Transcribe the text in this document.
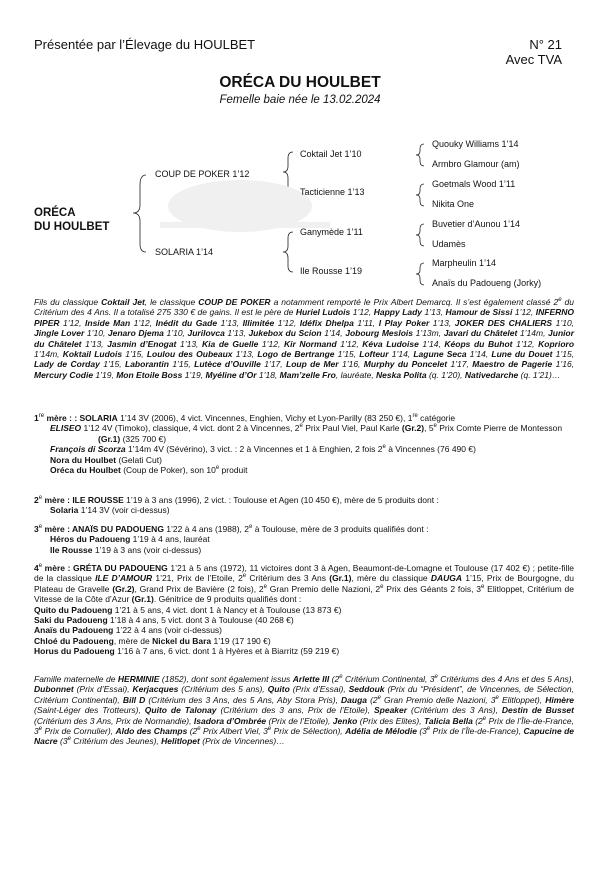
Présentée par l’Élevage du HOULBET	N° 21
Avec TVA
ORÉCA DU HOULBET
Femelle baie née le 13.02.2024
ORÉCA
DU HOULBET
COUP DE POKER 1’12
SOLARIA 1’14
Coktail Jet 1’10
Tacticienne 1’13
Ganymède 1’11
Ile Rousse 1’19
Quouky Williams 1’14
Armbro Glamour (am)
Goetmals Wood 1’11
Nikita One
Buvetier d’Aunou 1’14
Udamès
Marpheulin 1’14
Anaïs du Padoueng (Jorky)
Fils du classique Coktail Jet, le classique COUP DE POKER a notamment remporté le Prix Albert Demarcq. Il s’est également classé 2e du Critérium des 4 Ans. Il a totalisé 275 330 € de gains. Il est le père de Huriel Ludois 1’12, Happy Lady 1’13, Hamour de Sissi 1’12, INFERNO PIPER 1’12, Inside Man 1’12, Inédit du Gade 1’13, Illimitée 1’12, Idéfix Dhelpa 1’11, I Play Poker 1’13, JOKER DES CHALIERS 1’10, Jingle Lover 1’10, Jenaro Djema 1’10, Jurilovca 1’13, Jukebox du Scion 1’14, Jobourg Meslois 1’13m, Javari du Châtelet 1’14m, Junior du Châtelet 1’13, Jasmin d’Enogat 1’13, Kia de Guelle 1’12, Kir Normand 1’12, Kéva Ludoise 1’14, Kéops du Buhot 1’12, Koprioro 1’14m, Koktail Ludois 1’15, Loulou des Oubeaux 1’13, Logo de Bertrange 1’15, Lofteur 1’14, Lagune Seca 1’14, Lune du Douet 1’15, Lady de Corday 1’15, Laborantin 1’15, Lutèce d’Ouville 1’17, Loup de Mer 1’16, Murphy du Poncelet 1’17, Maestro de Pagerie 1’16, Mercury Codie 1’19, Mon Etoile Boss 1’19, Myéline d’Or 1’18, Mam’zelle Fro, lauréate, Neska Polita (q. 1’20), Nativedarche (q. 1’21)…
1re mère : : SOLARIA 1’14 3V (2006), 4 vict. Vincennes, Enghien, Vichy et Lyon-Parilly (83 250 €), 1re catégorie
ELISEO 1’12 4V (Timoko), classique, 4 vict. dont 2 à Vincennes, 2e Prix Paul Viel, Paul Karle (Gr.2), 5e Prix Comte Pierre de Montesson (Gr.1) (325 700 €)
François di Scorza 1’14m 4V (Sévérino), 3 vict. : 2 à Vincennes et 1 à Enghien, 2 fois 2e à Vincennes (76 490 €)
Nora du Houlbet (Gelati Cut)
Oréca du Houlbet (Coup de Poker), son 10e produit
2e mère : ILE ROUSSE 1’19 à 3 ans (1996), 2 vict. : Toulouse et Agen (10 450 €), mère de 5 produits dont :
Solaria 1’14 3V (voir ci-dessus)
3e mère : ANAÏS DU PADOUENG 1’22 à 4 ans (1988), 2e à Toulouse, mère de 3 produits qualifiés dont :
Héros du Padoueng 1’19 à 4 ans, lauréat
Ile Rousse 1’19 à 3 ans (voir ci-dessus)
4e mère : GRÉTA DU PADOUENG 1’21 à 5 ans (1972), 11 victoires dont 3 à Agen, Beaumont-de-Lomagne et Toulouse (17 402 €) ; petite-fille de la classique ILE D’AMOUR 1’21, Prix de l’Etoile, 2e Critérium des 3 Ans (Gr.1), mère du classique DAUGA 1’15, Prix de Bourgogne, du Plateau de Gravelle (Gr.2), Grand Prix de Bavière (2 fois), 2e Gran Premio delle Nazioni, 2e Prix des Géants 2 fois, 3e Elitloppet, Critérium de Vitesse de la Côte d’Azur (Gr.1). Génitrice de 9 produits qualifiés dont :
Quito du Padoueng 1’21 à 5 ans, 4 vict. dont 1 à Nancy et à Toulouse (13 873 €)
Saki du Padoueng 1’18 à 4 ans, 5 vict. dont 3 à Toulouse (40 268 €)
Anaïs du Padoueng 1’22 à 4 ans (voir ci-dessus)
Chloé du Padoueng, mère de Nickel du Bara 1’19 (17 190 €)
Horus du Padoueng 1’16 à 7 ans, 6 vict. dont 1 à Hyères et à Biarritz (59 219 €)
Famille maternelle de HERMINIE (1852), dont sont également issus Arlette III (2e Critérium Continental, 3e Critériums des 4 Ans et des 5 Ans), Dubonnet (Prix d’Essai), Kerjacques (Critérium des 5 ans), Quito (Prix d’Essai), Seddouk (Prix du “Président”, de Vincennes, de Sélection, Critérium Continental), Bill D (Critérium des 3 Ans, des 5 Ans, Aby Stora Pris), Dauga (2e Gran Premio delle Nazioni, 3e Elitloppet), Himère (Saint-Léger des Trotteurs), Quito de Talonay (Critérium des 3 ans, Prix de l’Etoile), Speaker (Critérium des 3 Ans), Destin de Busset (Critérium des 3 Ans, Prix de Normandie), Isadora d’Ombrée (Prix de l’Etoile), Jenko (Prix des Elites), Talicia Bella (2e Prix de l’Île-de-France, 3e Prix de Cornulier), Aldo des Champs (2e Prix Albert Viel, 3e Prix de Sélection), Adélia de Mélodie (3e Prix de l’Île-de-France), Capucine de Nacre (3e Critérium des Jeunes), Helitlopet (Prix de Vincennes)…
